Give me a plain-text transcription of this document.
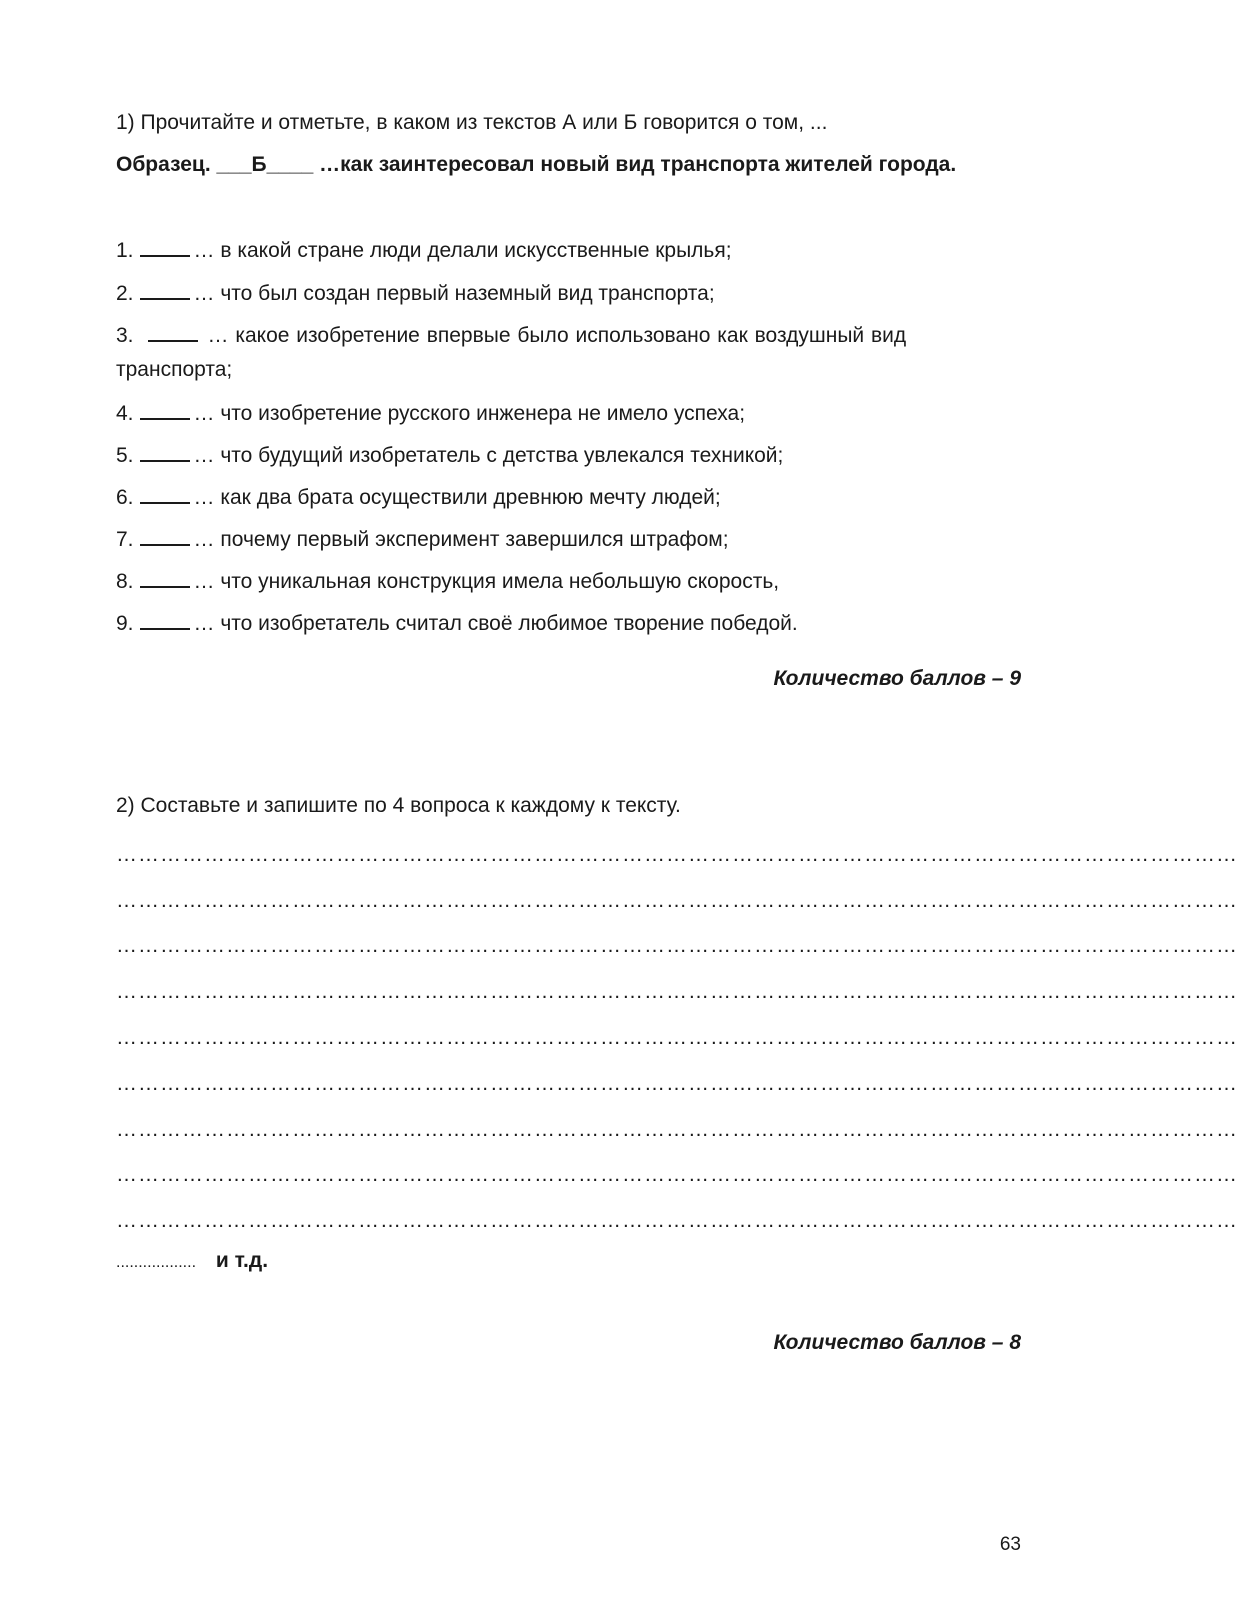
1) Прочитайте и отметьте, в каком из текстов А или Б говорится о том, ...
Образец. ___Б____ …как заинтересовал новый вид транспорта жителей города.
1.	… в какой стране люди делали искусственные крылья;
2.	… что был создан первый наземный вид транспорта;
3.	… какое изобретение впервые было использовано как воздушный вид
транспорта;
4.	… что изобретение русского инженера не имело успеха;
5.	… что будущий изобретатель с детства увлекался техникой;
6.	… как два брата осуществили древнюю мечту людей;
7.	… почему первый эксперимент завершился штрафом;
8.	… что уникальная конструкция имела небольшую скорость,
9.	… что изобретатель считал своё любимое творение победой.
Количество баллов – 9
2) Составьте и запишите по 4 вопроса к каждому к тексту.
………………………………………………………………………………………………………………………………………
………………………………………………………………………………………………………………………………………
………………………………………………………………………………………………………………………………………
………………………………………………………………………………………………………………………………………
………………………………………………………………………………………………………………………………………
………………………………………………………………………………………………………………………………………
………………………………………………………………………………………………………………………………………
………………………………………………………………………………………………………………………………………
………………………………………………………………………………………………………………………………………
.................. и т.д.
Количество баллов – 8
63
